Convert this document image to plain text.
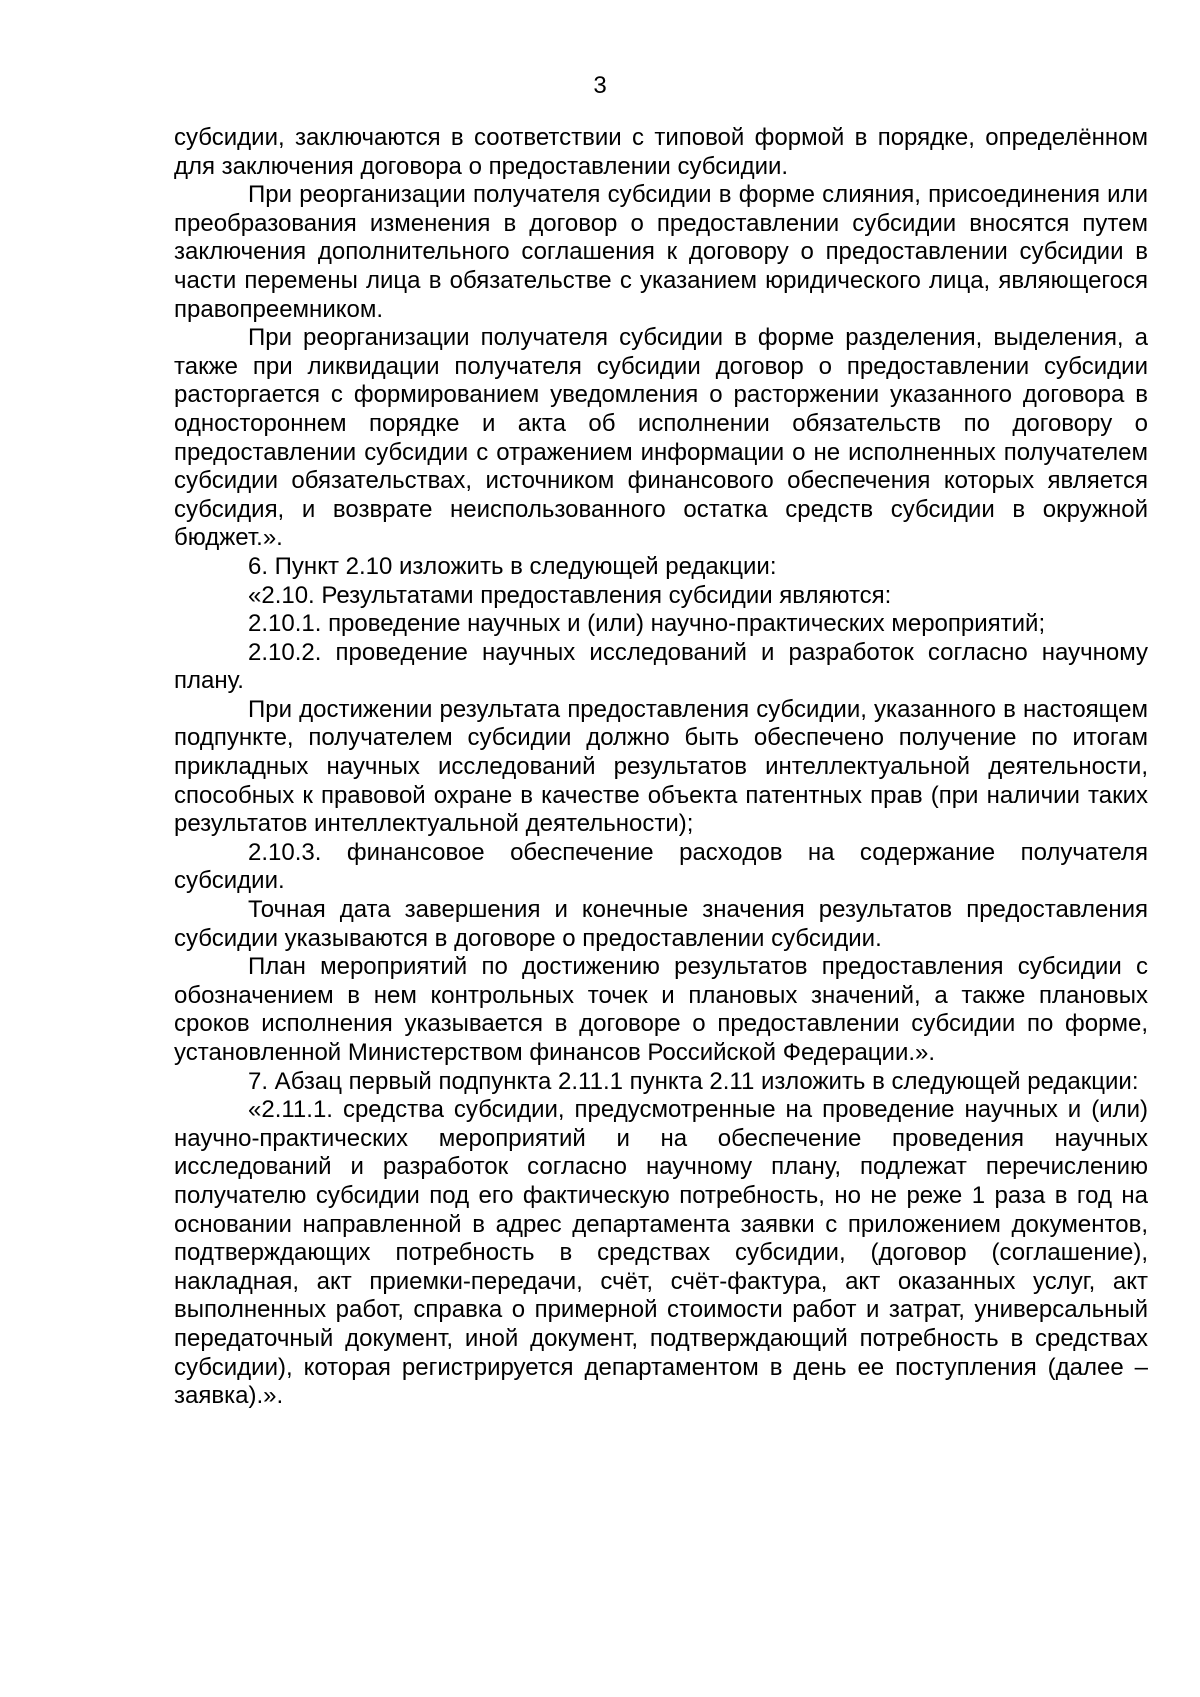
3

субсидии, заключаются в соответствии с типовой формой в порядке, определённом для заключения договора о предоставлении субсидии.

При реорганизации получателя субсидии в форме слияния, присоединения или преобразования изменения в договор о предоставлении субсидии вносятся путем заключения дополнительного соглашения к договору о предоставлении субсидии в части перемены лица в обязательстве с указанием юридического лица, являющегося правопреемником.

При реорганизации получателя субсидии в форме разделения, выделения, а также при ликвидации получателя субсидии договор о предоставлении субсидии расторгается с формированием уведомления о расторжении указанного договора в одностороннем порядке и акта об исполнении обязательств по договору о предоставлении субсидии с отражением информации о не исполненных получателем субсидии обязательствах, источником финансового обеспечения которых является субсидия, и возврате неиспользованного остатка средств субсидии в окружной бюджет.».

6. Пункт 2.10 изложить в следующей редакции:

«2.10. Результатами предоставления субсидии являются:

2.10.1. проведение научных и (или) научно-практических мероприятий;

2.10.2. проведение научных исследований и разработок согласно научному плану.

При достижении результата предоставления субсидии, указанного в настоящем подпункте, получателем субсидии должно быть обеспечено получение по итогам прикладных научных исследований результатов интеллектуальной деятельности, способных к правовой охране в качестве объекта патентных прав (при наличии таких результатов интеллектуальной деятельности);

2.10.3. финансовое обеспечение расходов на содержание получателя субсидии.

Точная дата завершения и конечные значения результатов предоставления субсидии указываются в договоре о предоставлении субсидии.

План мероприятий по достижению результатов предоставления субсидии с обозначением в нем контрольных точек и плановых значений, а также плановых сроков исполнения указывается в договоре о предоставлении субсидии по форме, установленной Министерством финансов Российской Федерации.».

7. Абзац первый подпункта 2.11.1 пункта 2.11 изложить в следующей редакции:

«2.11.1. средства субсидии, предусмотренные на проведение научных и (или) научно-практических мероприятий и на обеспечение проведения научных исследований и разработок согласно научному плану, подлежат перечислению получателю субсидии под его фактическую потребность, но не реже 1 раза в год на основании направленной в адрес департамента заявки с приложением документов, подтверждающих потребность в средствах субсидии, (договор (соглашение), накладная, акт приемки-передачи, счёт, счёт-фактура, акт оказанных услуг, акт выполненных работ, справка о примерной стоимости работ и затрат, универсальный передаточный документ, иной документ, подтверждающий потребность в средствах субсидии), которая регистрируется департаментом в день ее поступления (далее – заявка).».
